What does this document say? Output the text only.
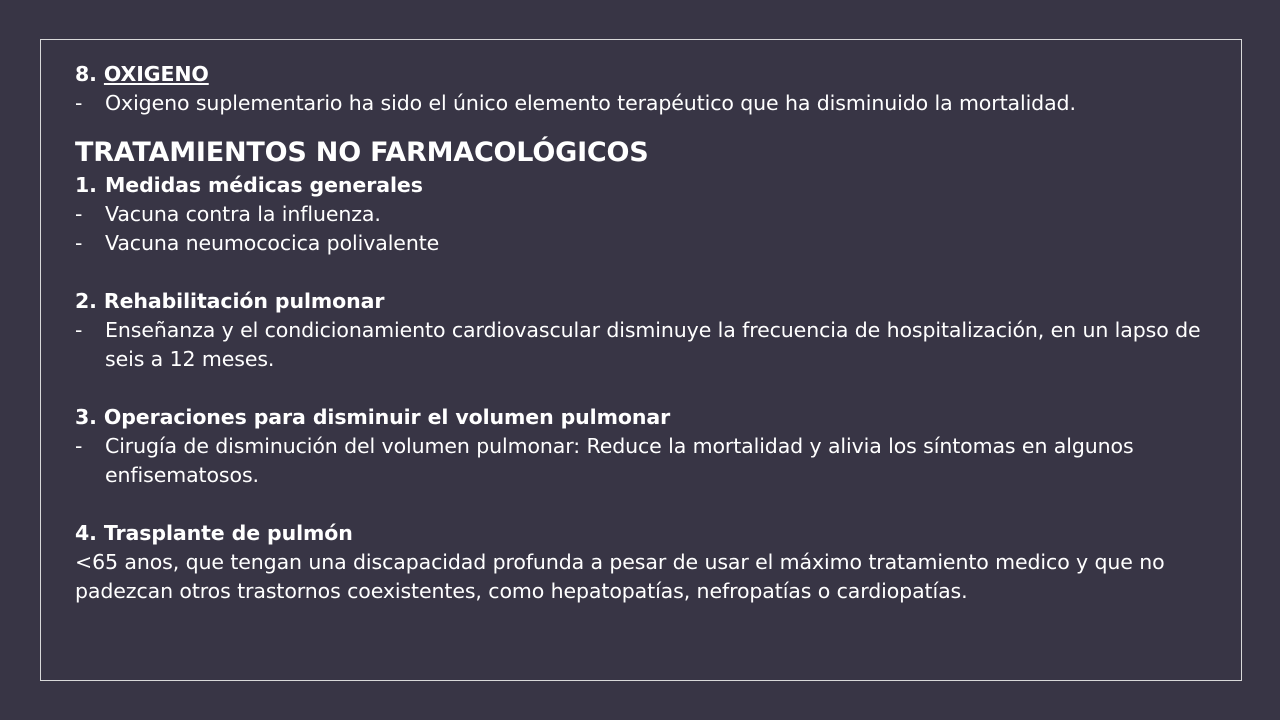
8. OXIGENO

-	Oxigeno suplementario ha sido el único elemento terapéutico que ha disminuido la mortalidad.

TRATAMIENTOS NO FARMACOLÓGICOS

1. Medidas médicas generales
-	Vacuna contra la influenza.
-	Vacuna neumococica polivalente

2. Rehabilitación pulmonar

-	Enseñanza y el condicionamiento cardiovascular disminuye la frecuencia de hospitalización, en un lapso de seis a 12 meses.

3. Operaciones para disminuir el volumen pulmonar

-	Cirugía de disminución del volumen pulmonar: Reduce la mortalidad y alivia los síntomas en algunos enfisematosos.

4. Trasplante de pulmón

<65 anos, que tengan una discapacidad profunda a pesar de usar el máximo tratamiento medico y que no padezcan otros trastornos coexistentes, como hepatopatías, nefropatías o cardiopatías.
